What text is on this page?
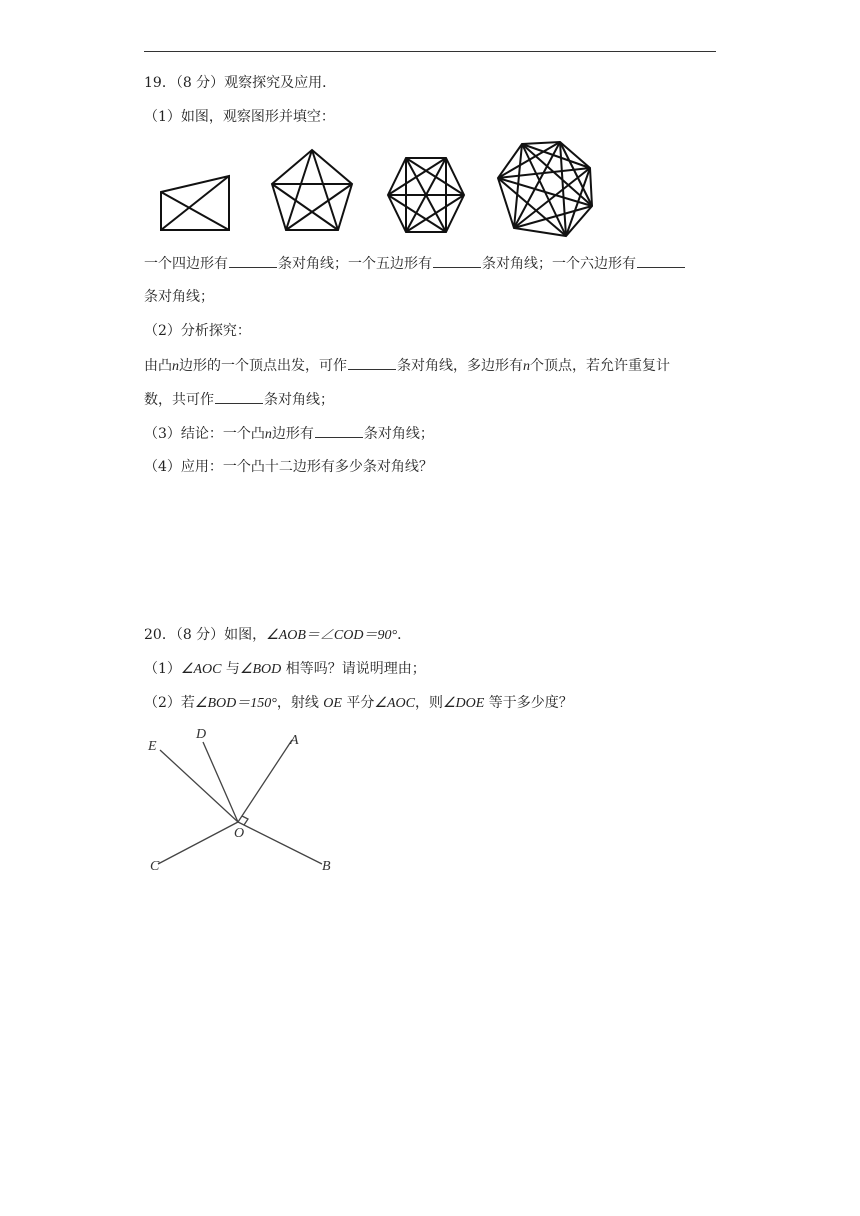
19．（8 分）观察探究及应用．
（1）如图，观察图形并填空：
一个四边形有	条对角线；一个五边形有	条对角线；一个六边形有
条对角线；
（2）分析探究：
由凸n边形的一个顶点出发，可作	条对角线，多边形有n个顶点，若允许重复计
数，共可作	条对角线；
（3）结论：一个凸n边形有	条对角线；
（4）应用：一个凸十二边形有多少条对角线？
20．（8 分）如图，∠AOB＝∠COD＝90°．
（1）∠AOC 与∠BOD 相等吗？请说明理由；
（2）若∠BOD＝150°，射线 OE 平分∠AOC，则∠DOE 等于多少度？
E
D	A
O
C	B
